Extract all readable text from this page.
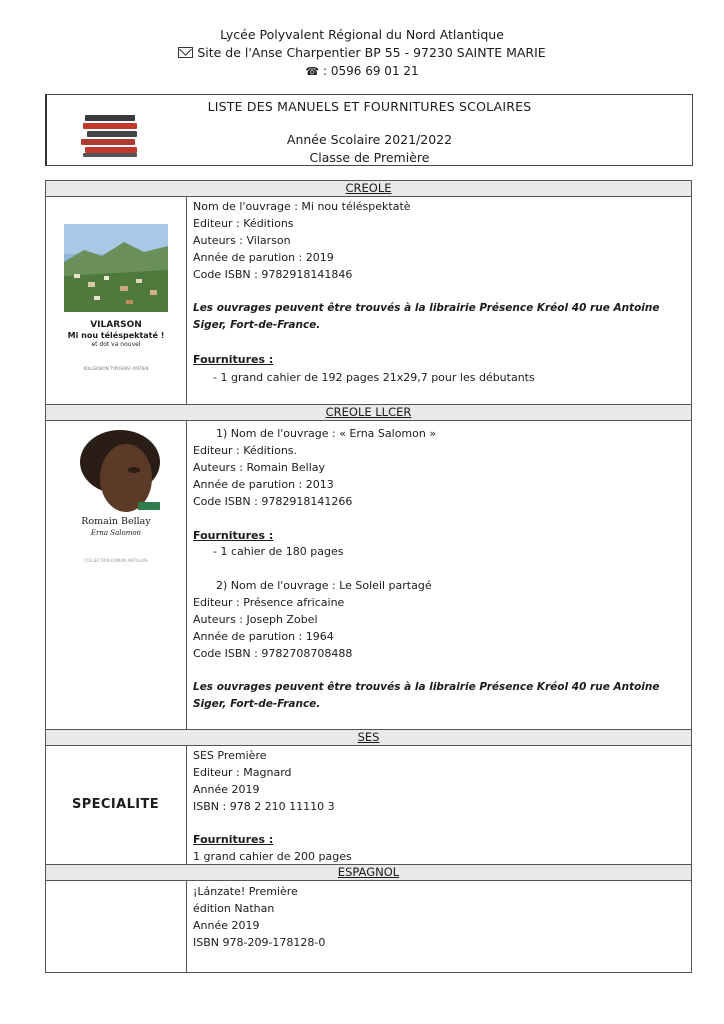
Lycée Polyvalent Régional du Nord Atlantique
Site de l'Anse Charpentier BP 55 - 97230 SAINTE MARIE
☎ : 0596 69 01 21
LISTE DES MANUELS ET FOURNITURES SCOLAIRES
Année Scolaire 2021/2022
Classe de Première
CREOLE
VILARSON
Mi nou téléspektaté !
et dot va nouvel
KOLLEKSION TYPOGRAF AYATIEN
Nom de l'ouvrage : Mi nou téléspektatè
Editeur : Kéditions
Auteurs : Vilarson
Année de parution : 2019
Code ISBN : 9782918141846
Les ouvrages peuvent être trouvés à la librairie Présence Kréol 40 rue Antoine Siger, Fort-de-France.
Fournitures :
- 1 grand cahier de 192 pages 21x29,7 pour les débutants
CREOLE LLCER
Romain Bellay
Erna Salomon
COLLECTION ROMAN ANTILLAIS
1) Nom de l'ouvrage : « Erna Salomon »
Editeur : Kéditions.
Auteurs : Romain Bellay
Année de parution : 2013
Code ISBN : 9782918141266
Fournitures :
- 1 cahier de 180 pages
2) Nom de l'ouvrage : Le Soleil partagé
Editeur : Présence africaine
Auteurs : Joseph Zobel
Année de parution : 1964
Code ISBN : 9782708708488
Les ouvrages peuvent être trouvés à la librairie Présence Kréol 40 rue Antoine Siger, Fort-de-France.
SES
SPECIALITE
SES Première
Editeur : Magnard
Année 2019
ISBN : 978 2 210 11110 3
Fournitures :
1 grand cahier de 200 pages
ESPAGNOL
¡Lánzate! Première
édition Nathan
Année 2019
ISBN 978-209-178128-0
